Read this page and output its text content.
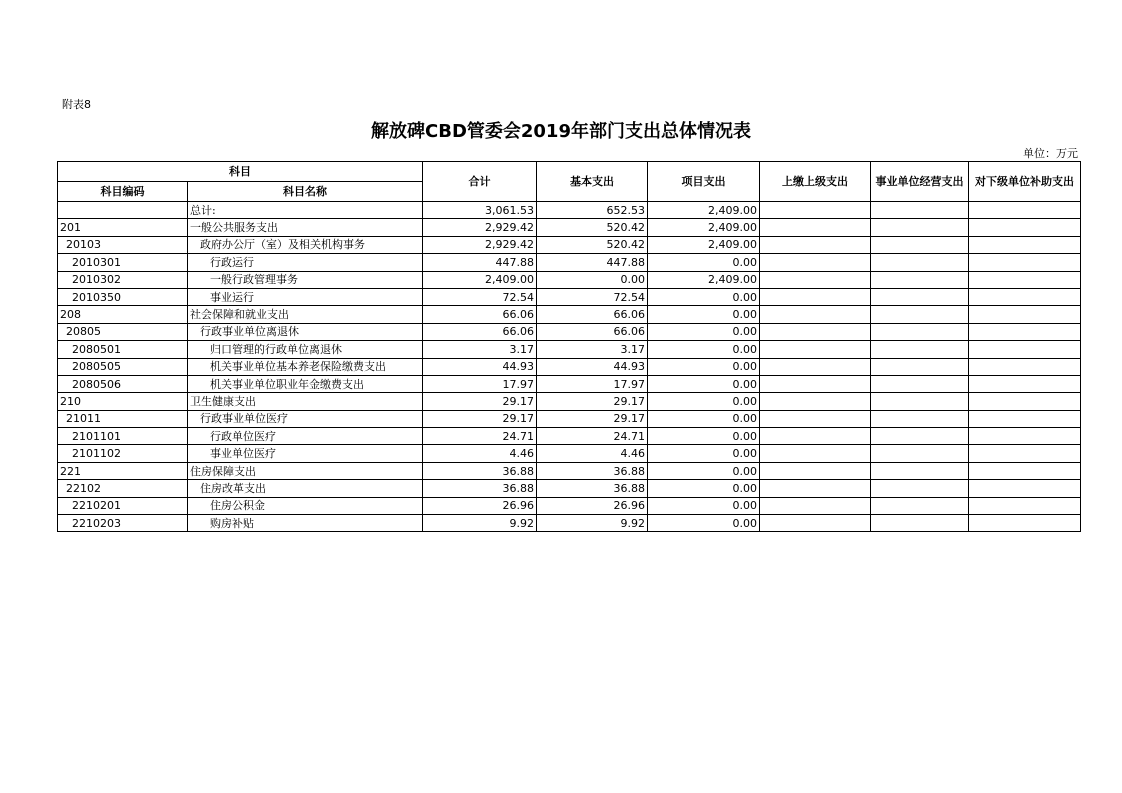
附表8
解放碑CBD管委会2019年部门支出总体情况表
单位：万元
科目		合计	基本支出	项目支出	上缴上级支出	事业单位经营支出	对下级单位补助支出
科目编码	科目名称						
	总计:	3,061.53	652.53	2,409.00			
201	一般公共服务支出	2,929.42	520.42	2,409.00			
20103	政府办公厅（室）及相关机构事务	2,929.42	520.42	2,409.00			
2010301	行政运行	447.88	447.88	0.00			
2010302	一般行政管理事务	2,409.00	0.00	2,409.00			
2010350	事业运行	72.54	72.54	0.00			
208	社会保障和就业支出	66.06	66.06	0.00			
20805	行政事业单位离退休	66.06	66.06	0.00			
2080501	归口管理的行政单位离退休	3.17	3.17	0.00			
2080505	机关事业单位基本养老保险缴费支出	44.93	44.93	0.00			
2080506	机关事业单位职业年金缴费支出	17.97	17.97	0.00			
210	卫生健康支出	29.17	29.17	0.00			
21011	行政事业单位医疗	29.17	29.17	0.00			
2101101	行政单位医疗	24.71	24.71	0.00			
2101102	事业单位医疗	4.46	4.46	0.00			
221	住房保障支出	36.88	36.88	0.00			
22102	住房改革支出	36.88	36.88	0.00			
2210201	住房公积金	26.96	26.96	0.00			
2210203	购房补贴	9.92	9.92	0.00			
